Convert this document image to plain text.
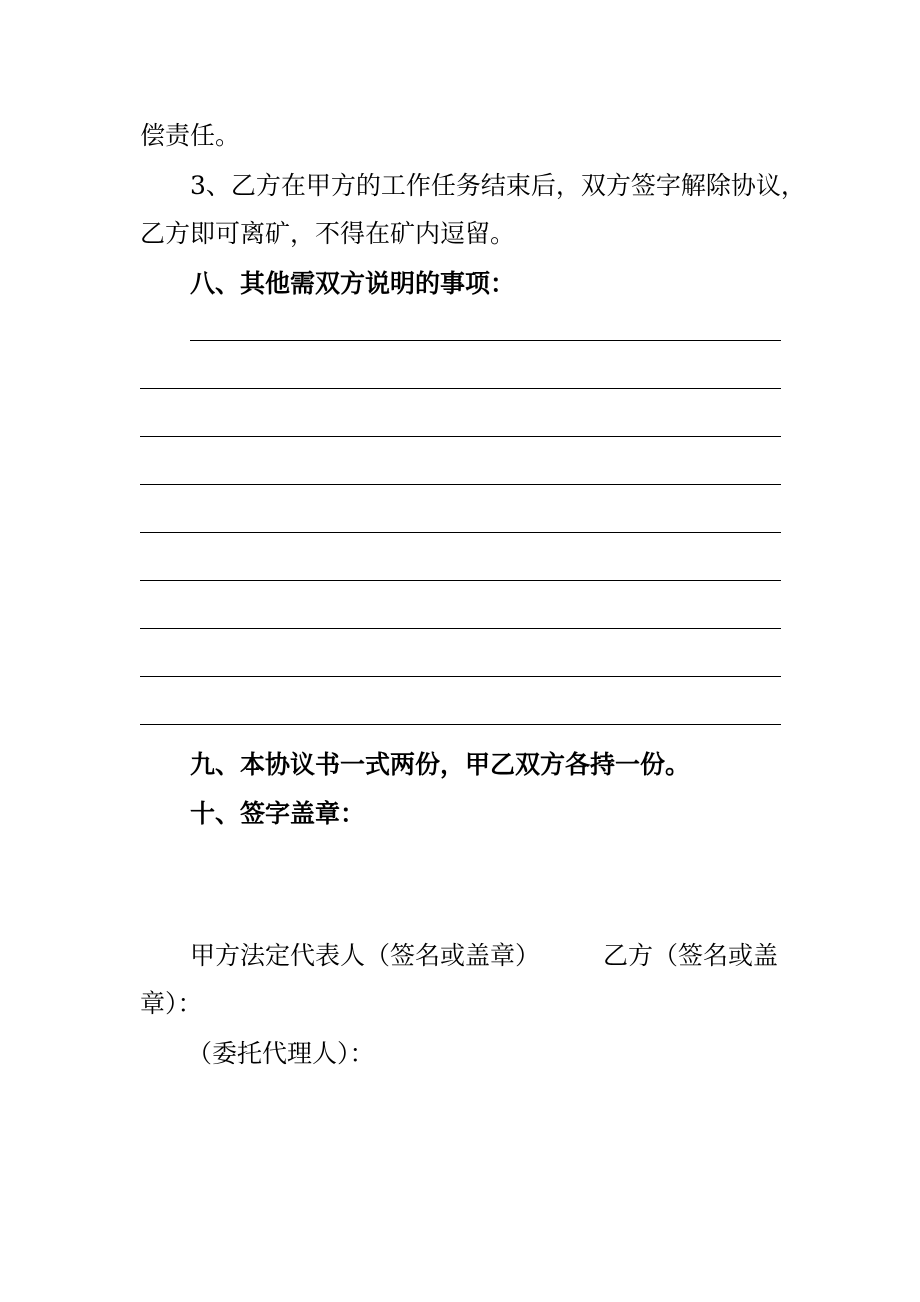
偿责任。
3、乙方在甲方的工作任务结束后，双方签字解除协议，
乙方即可离矿，不得在矿内逗留。
八、其他需双方说明的事项：
九、本协议书一式两份，甲乙双方各持一份。
十、签字盖章：
甲方法定代表人（签名或盖章）	乙方（签名或盖
章）：
（委托代理人）：
